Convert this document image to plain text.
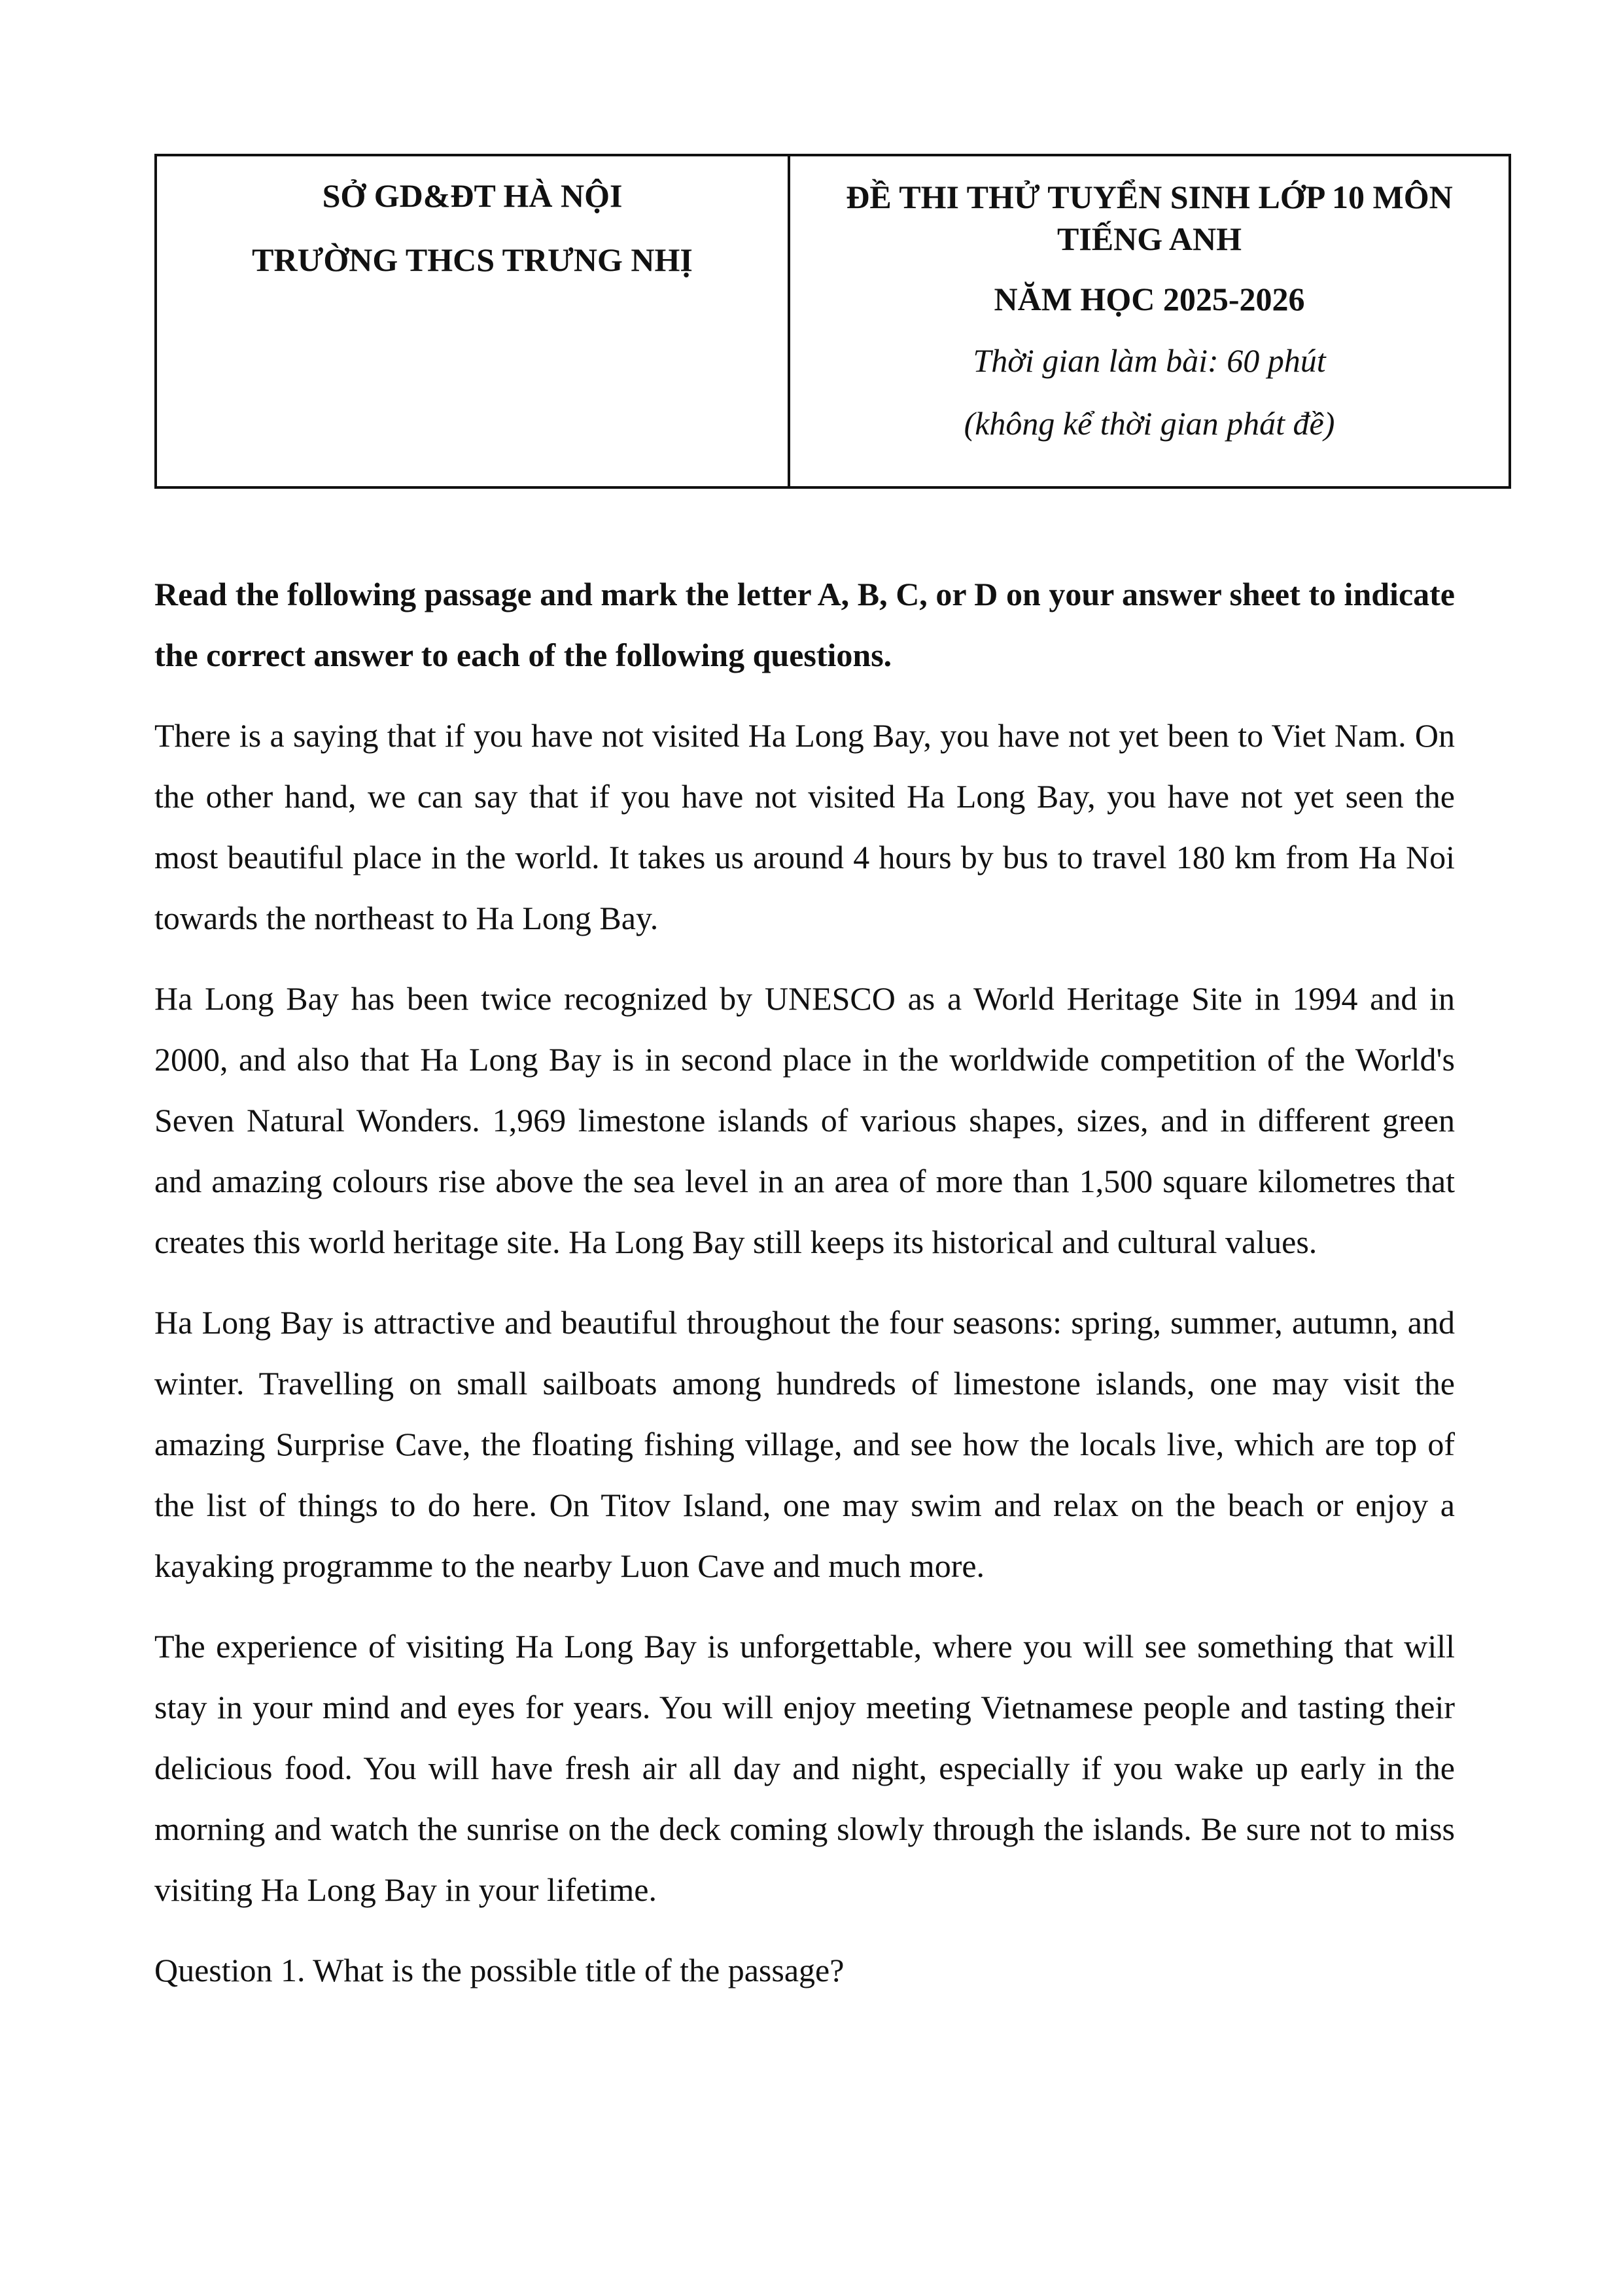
SỞ GD&ĐT HÀ NỘI
TRƯỜNG THCS TRƯNG NHỊ
ĐỀ THI THỬ TUYỂN SINH LỚP 10 MÔN TIẾNG ANH
NĂM HỌC 2025-2026
Thời gian làm bài: 60 phút
(không kể thời gian phát đề)

Read the following passage and mark the letter A, B, C, or D on your answer sheet to indicate the correct answer to each of the following questions.

There is a saying that if you have not visited Ha Long Bay, you have not yet been to Viet Nam. On the other hand, we can say that if you have not visited Ha Long Bay, you have not yet seen the most beautiful place in the world. It takes us around 4 hours by bus to travel 180 km from Ha Noi towards the northeast to Ha Long Bay.

Ha Long Bay has been twice recognized by UNESCO as a World Heritage Site in 1994 and in 2000, and also that Ha Long Bay is in second place in the worldwide competition of the World's Seven Natural Wonders. 1,969 limestone islands of various shapes, sizes, and in different green and amazing colours rise above the sea level in an area of more than 1,500 square kilometres that creates this world heritage site. Ha Long Bay still keeps its historical and cultural values.

Ha Long Bay is attractive and beautiful throughout the four seasons: spring, summer, autumn, and winter. Travelling on small sailboats among hundreds of limestone islands, one may visit the amazing Surprise Cave, the floating fishing village, and see how the locals live, which are top of the list of things to do here. On Titov Island, one may swim and relax on the beach or enjoy a kayaking programme to the nearby Luon Cave and much more.

The experience of visiting Ha Long Bay is unforgettable, where you will see something that will stay in your mind and eyes for years. You will enjoy meeting Vietnamese people and tasting their delicious food. You will have fresh air all day and night, especially if you wake up early in the morning and watch the sunrise on the deck coming slowly through the islands. Be sure not to miss visiting Ha Long Bay in your lifetime.

Question 1. What is the possible title of the passage?
